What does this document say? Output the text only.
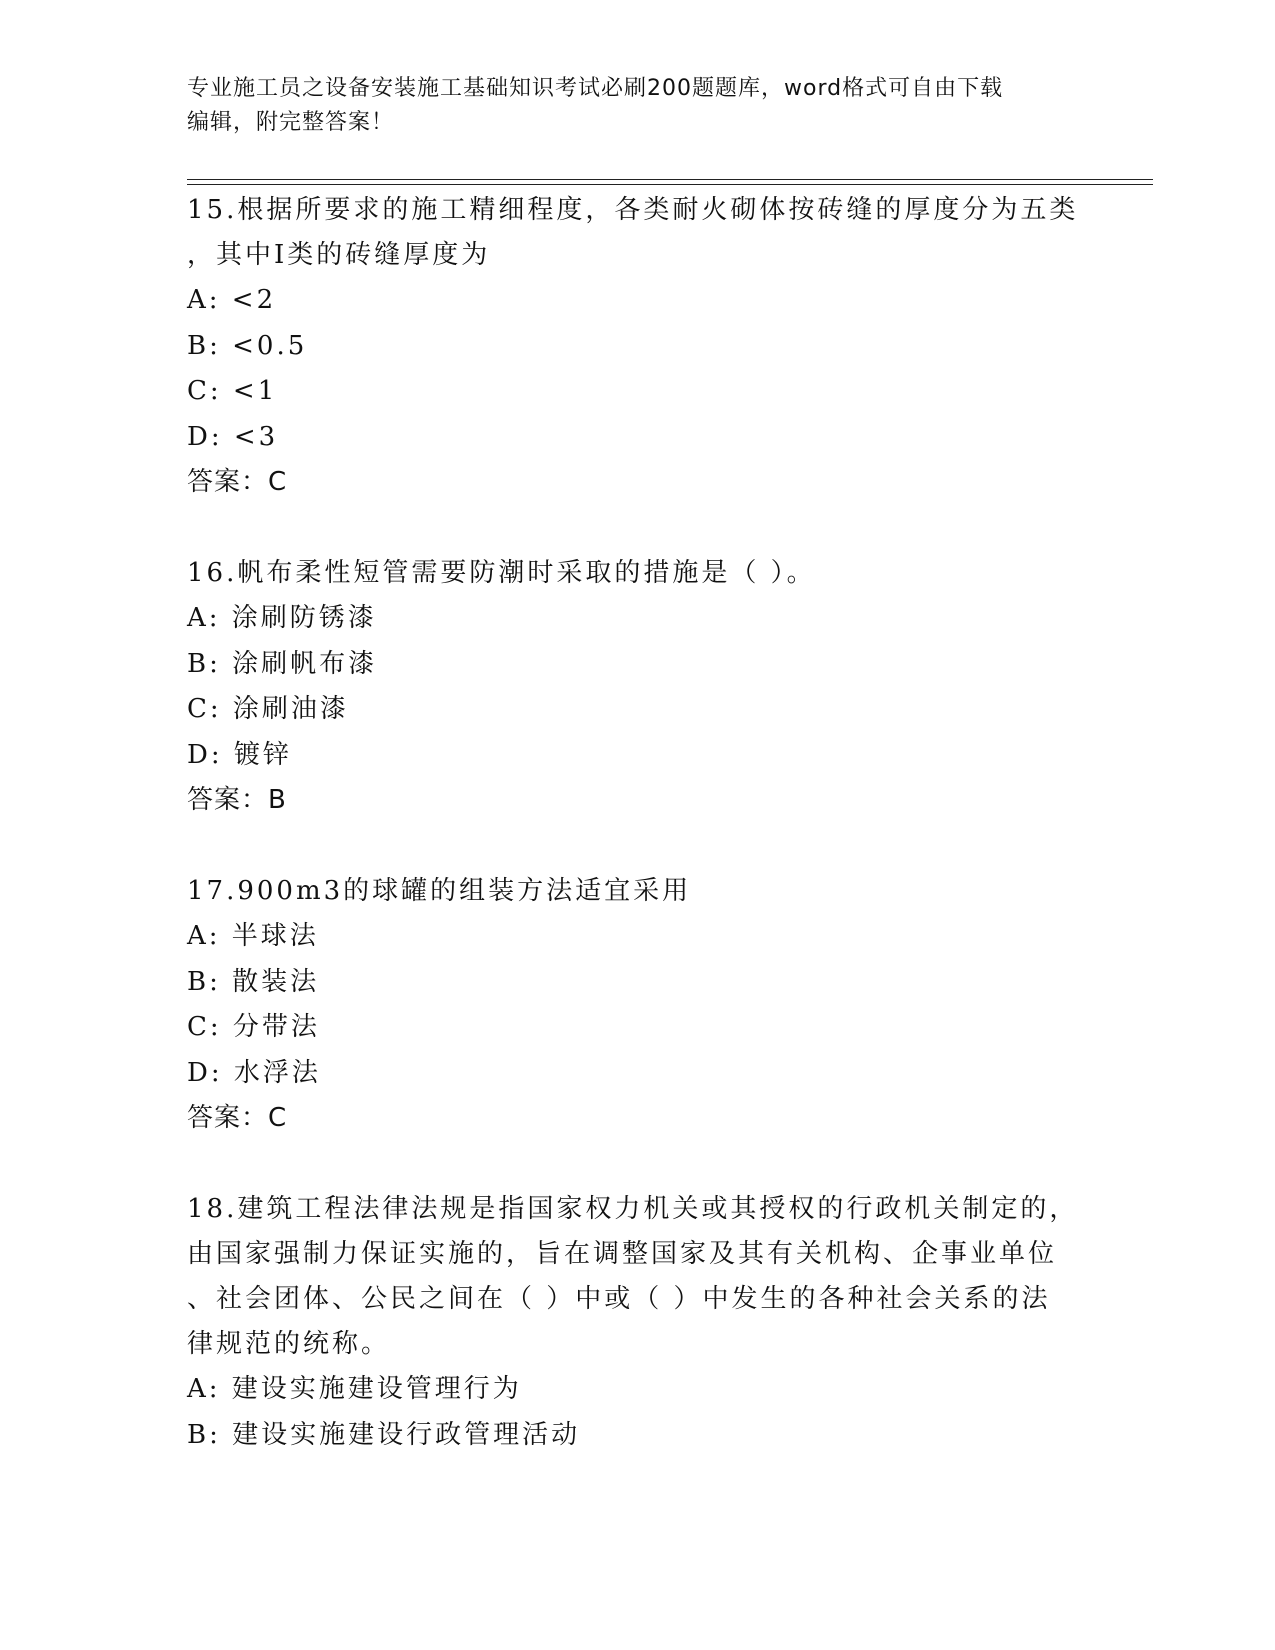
专业施工员之设备安装施工基础知识考试必刷200题题库，word格式可自由下载
编辑，附完整答案！

15.根据所要求的施工精细程度，各类耐火砌体按砖缝的厚度分为五类

，其中I类的砖缝厚度为

A: <2

B: <0.5

C: <1

D: <3

答案：C

16.帆布柔性短管需要防潮时采取的措施是（ ）。

A: 涂刷防锈漆

B: 涂刷帆布漆

C: 涂刷油漆

D: 镀锌

答案：B

17.900m3的球罐的组装方法适宜采用

A: 半球法

B: 散装法

C: 分带法

D: 水浮法

答案：C

18.建筑工程法律法规是指国家权力机关或其授权的行政机关制定的，

由国家强制力保证实施的，旨在调整国家及其有关机构、企事业单位

、社会团体、公民之间在（ ）中或（ ）中发生的各种社会关系的法

律规范的统称。

A: 建设实施建设管理行为

B: 建设实施建设行政管理活动
